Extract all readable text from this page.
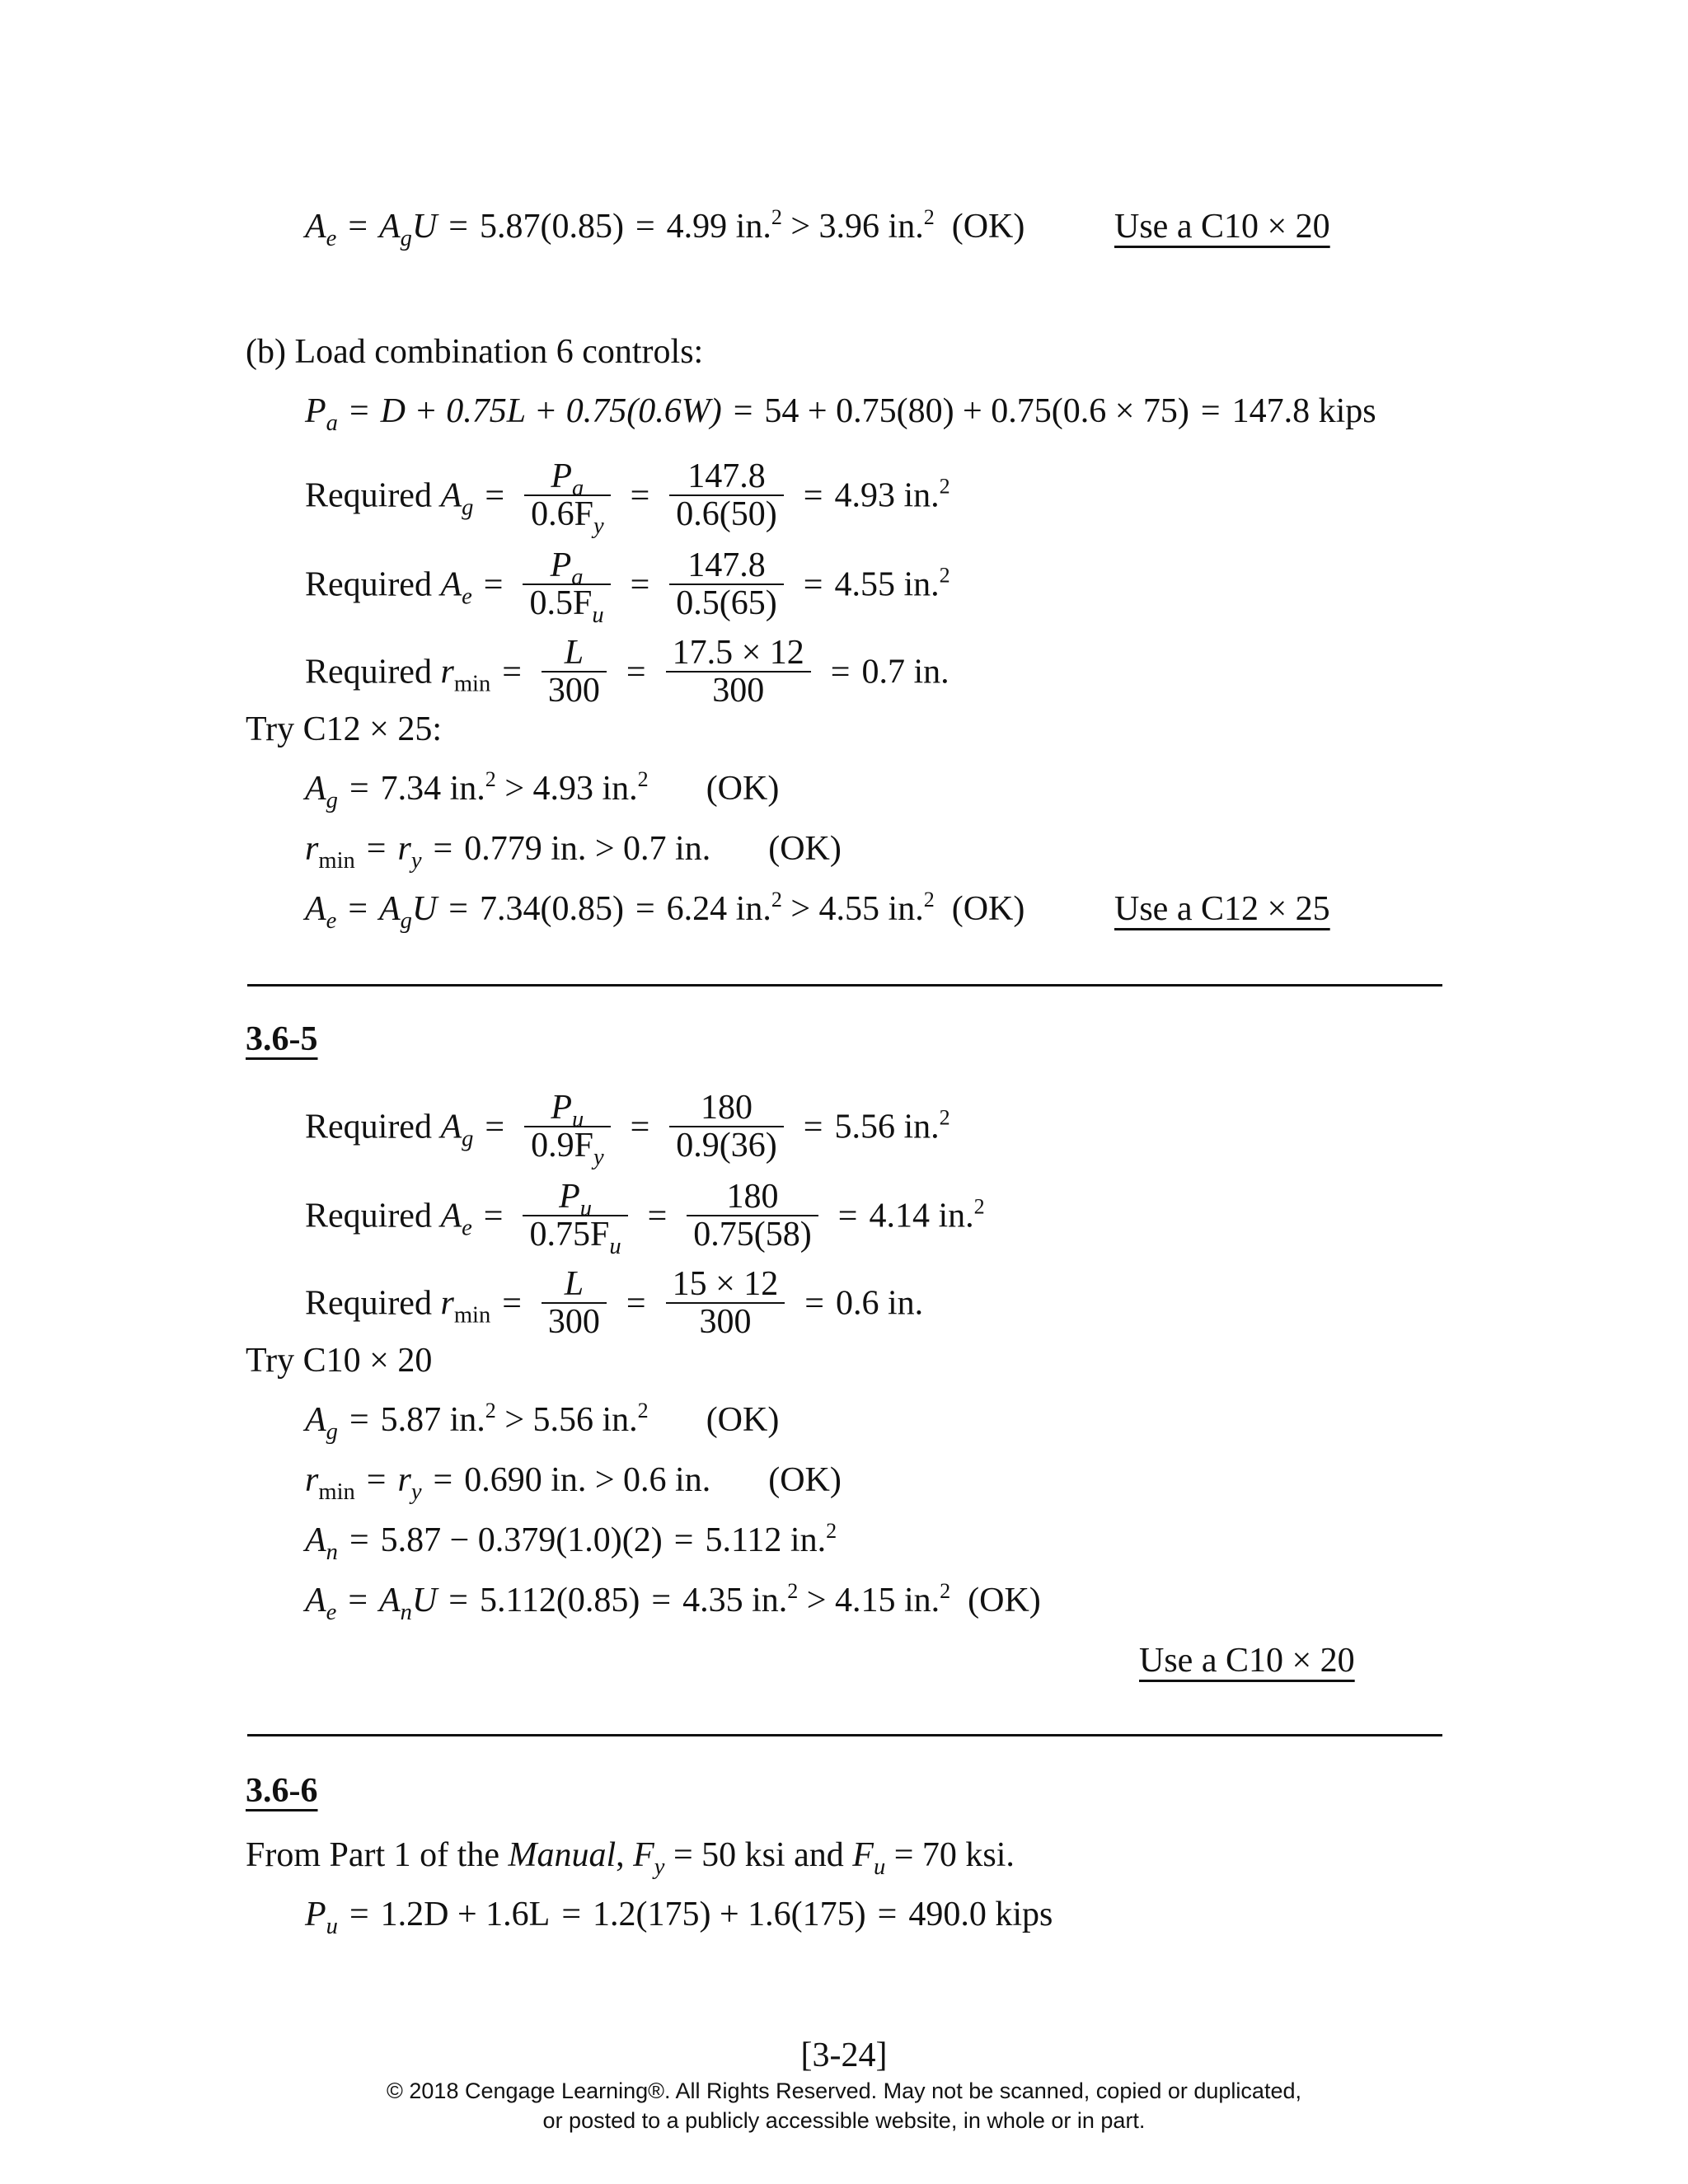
$A_e = A_gU = 5.87(0.85) = 4.99$ in.$^2$ > 3.96 in.$^2$ (OK)	Use a C10 × 20
(b) Load combination 6 controls:
$P_a = D + 0.75L + 0.75(0.6W) = 54 + 0.75(80) + 0.75(0.6 \times 75) = 147.8$ kips
Required $A_g = \frac{P_a}{0.6F_y} = \frac{147.8}{0.6(50)} = 4.93$ in.$^2$
Required $A_e = \frac{P_a}{0.5F_u} = \frac{147.8}{0.5(65)} = 4.55$ in.$^2$
Required $r_{min} = \frac{L}{300} = \frac{17.5 \times 12}{300} = 0.7$ in.
Try C12 × 25:
$A_g = 7.34$ in.$^2$ > 4.93 in.$^2$ (OK)
$r_{min} = r_y = 0.779$ in. > 0.7 in. (OK)
$A_e = A_gU = 7.34(0.85) = 6.24$ in.$^2$ > 4.55 in.$^2$ (OK)	Use a C12 × 25
3.6-5
Required $A_g = \frac{P_u}{0.9F_y} = \frac{180}{0.9(36)} = 5.56$ in.$^2$
Required $A_e = \frac{P_u}{0.75F_u} = \frac{180}{0.75(58)} = 4.14$ in.$^2$
Required $r_{min} = \frac{L}{300} = \frac{15 \times 12}{300} = 0.6$ in.
Try C10 × 20
$A_g = 5.87$ in.$^2$ > 5.56 in.$^2$ (OK)
$r_{min} = r_y = 0.690$ in. > 0.6 in. (OK)
$A_n = 5.87 - 0.379(1.0)(2) = 5.112$ in.$^2$
$A_e = A_nU = 5.112(0.85) = 4.35$ in.$^2$ > 4.15 in.$^2$ (OK)
Use a C10 × 20
3.6-6
From Part 1 of the Manual, $F_y = 50$ ksi and $F_u = 70$ ksi.
$P_u = 1.2D + 1.6L = 1.2(175) + 1.6(175) = 490.0$ kips
[3-24]
© 2018 Cengage Learning®. All Rights Reserved. May not be scanned, copied or duplicated,
or posted to a publicly accessible website, in whole or in part.
